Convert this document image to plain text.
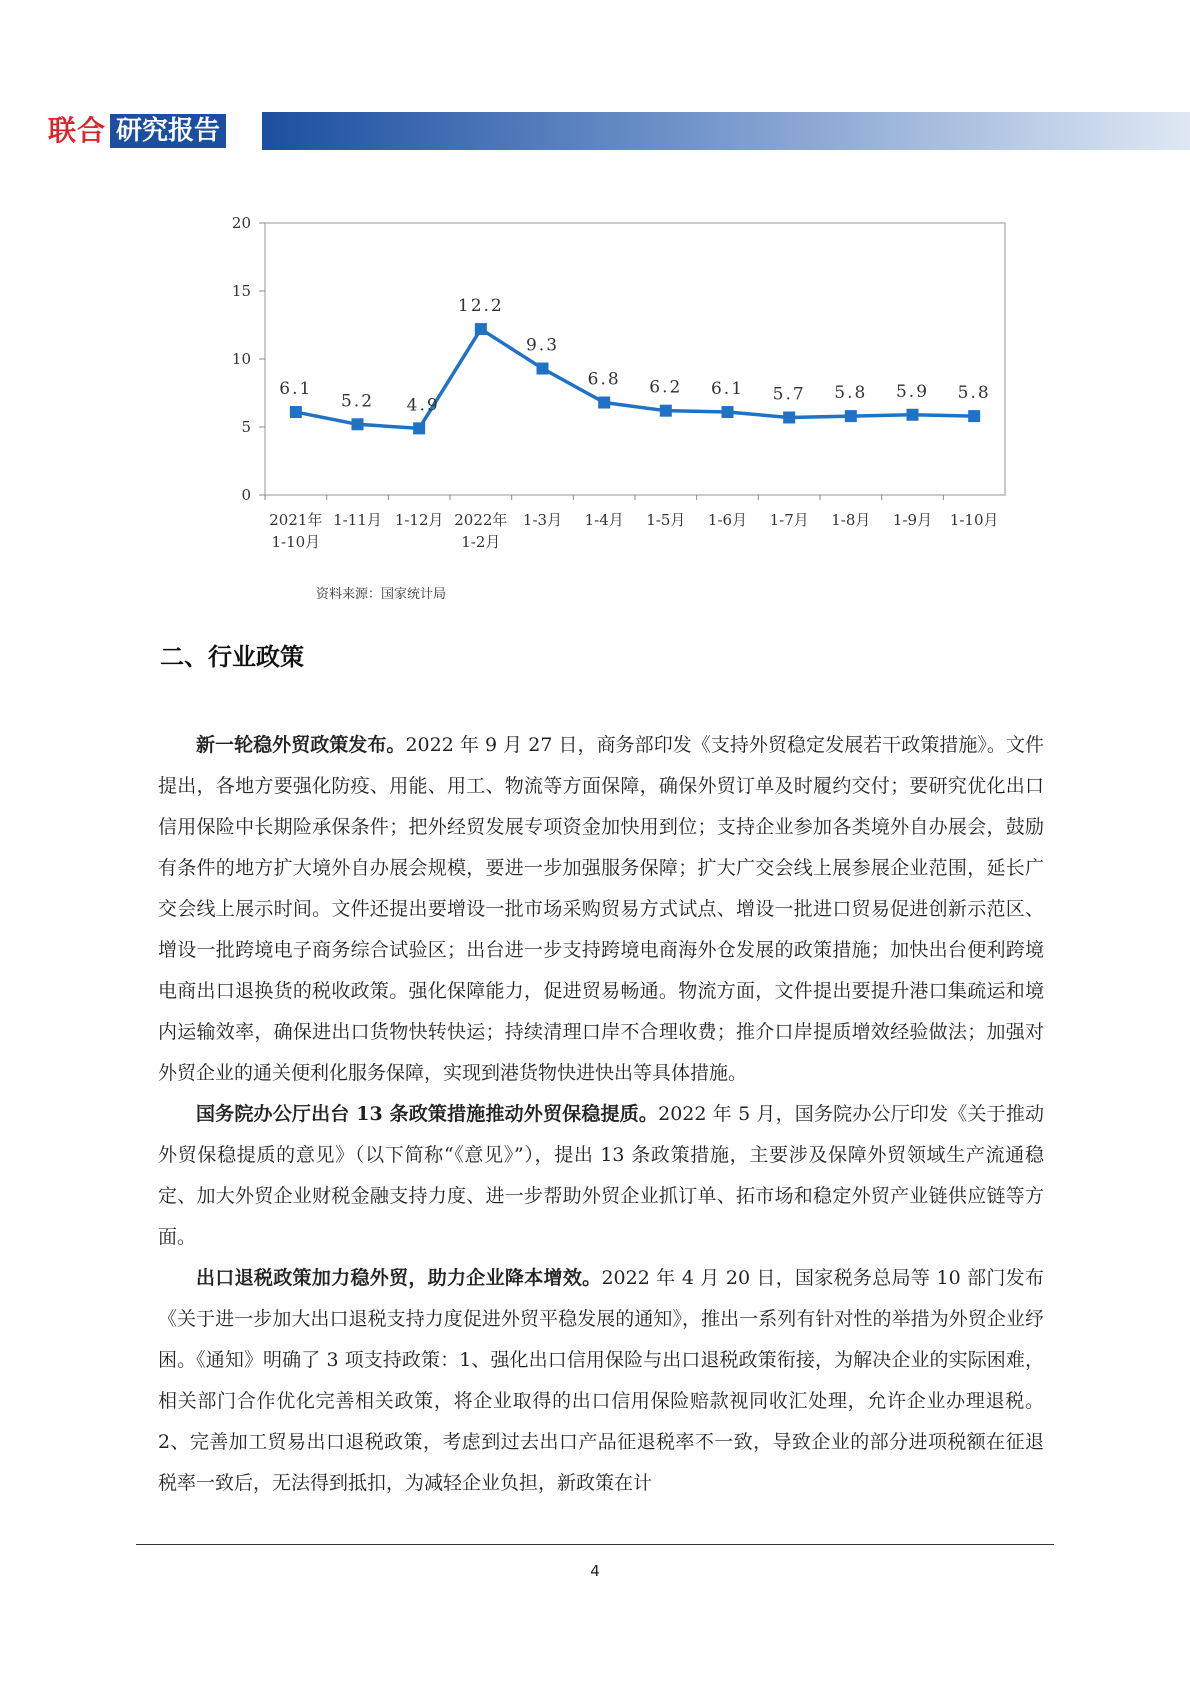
联合 研究报告
0
5
10
15
20
2021年
1-10月
1-11月 1-12月 2022年
1-2月
1-3月 1-4月 1-5月 1-6月 1-7月 1-8月 1-9月 1-10月
6.1
5.2 4.9
12.2
9.3
6.8 6.2 6.1 5.7 5.8 5.9 5.8
资料来源：国家统计局
二、行业政策

新一轮稳外贸政策发布。2022 年 9 月 27 日，商务部印发《支持外贸稳定发展若干政策措施》。文件提出，各地方要强化防疫、用能、用工、物流等方面保障，确保外贸订单及时履约交付；要研究优化出口信用保险中长期险承保条件；把外经贸发展专项资金加快用到位；支持企业参加各类境外自办展会，鼓励有条件的地方扩大境外自办展会规模，要进一步加强服务保障；扩大广交会线上展参展企业范围，延长广交会线上展示时间。文件还提出要增设一批市场采购贸易方式试点、增设一批进口贸易促进创新示范区、增设一批跨境电子商务综合试验区；出台进一步支持跨境电商海外仓发展的政策措施；加快出台便利跨境电商出口退换货的税收政策。强化保障能力，促进贸易畅通。物流方面，文件提出要提升港口集疏运和境内运输效率，确保进出口货物快转快运；持续清理口岸不合理收费；推介口岸提质增效经验做法；加强对外贸企业的通关便利化服务保障，实现到港货物快进快出等具体措施。

国务院办公厅出台 13 条政策措施推动外贸保稳提质。2022 年 5 月，国务院办公厅印发《关于推动外贸保稳提质的意见》（以下简称“《意见》”），提出 13 条政策措施，主要涉及保障外贸领域生产流通稳定、加大外贸企业财税金融支持力度、进一步帮助外贸企业抓订单、拓市场和稳定外贸产业链供应链等方面。

出口退税政策加力稳外贸，助力企业降本增效。2022 年 4 月 20 日，国家税务总局等 10 部门发布《关于进一步加大出口退税支持力度促进外贸平稳发展的通知》，推出一系列有针对性的举措为外贸企业纾困。《通知》明确了 3 项支持政策：1、强化出口信用保险与出口退税政策衔接，为解决企业的实际困难，相关部门合作优化完善相关政策，将企业取得的出口信用保险赔款视同收汇处理，允许企业办理退税。2、完善加工贸易出口退税政策，考虑到过去出口产品征退税率不一致，导致企业的部分进项税额在征退税率一致后，无法得到抵扣，为减轻企业负担，新政策在计

4
